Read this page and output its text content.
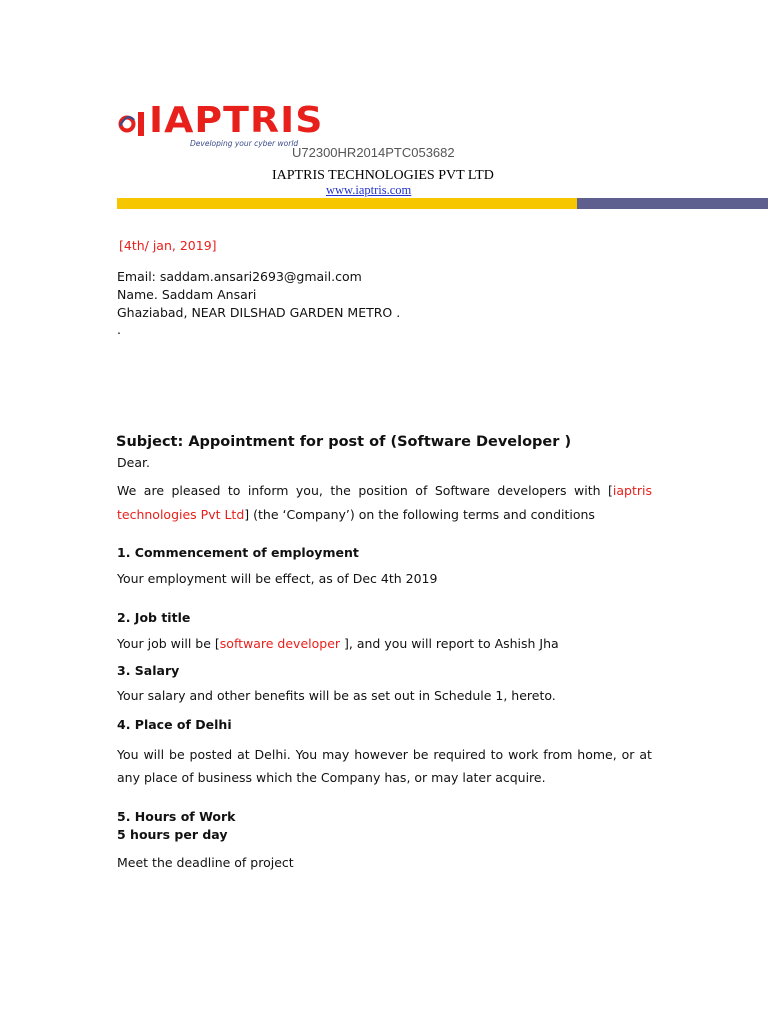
IAPTRIS
Developing your cyber world
U72300HR2014PTC053682
IAPTRIS TECHNOLOGIES PVT LTD
www.iaptris.com
[4th/ jan, 2019]
Email: saddam.ansari2693@gmail.com
Name. Saddam Ansari
Ghaziabad, NEAR DILSHAD GARDEN METRO .
.
Subject: Appointment for post of (Software Developer )
Dear.
We are pleased to inform you, the position of Software developers with [iaptris
technologies Pvt Ltd] (the ‘Company’) on the following terms and conditions
1. Commencement of employment
Your employment will be effect, as of Dec 4th 2019
2. Job title
Your job will be [software developer ], and you will report to Ashish Jha
3. Salary
Your salary and other benefits will be as set out in Schedule 1, hereto.
4. Place of Delhi
You will be posted at Delhi. You may however be required to work from home, or at
any place of business which the Company has, or may later acquire.
5. Hours of Work
5 hours per day
Meet the deadline of project
